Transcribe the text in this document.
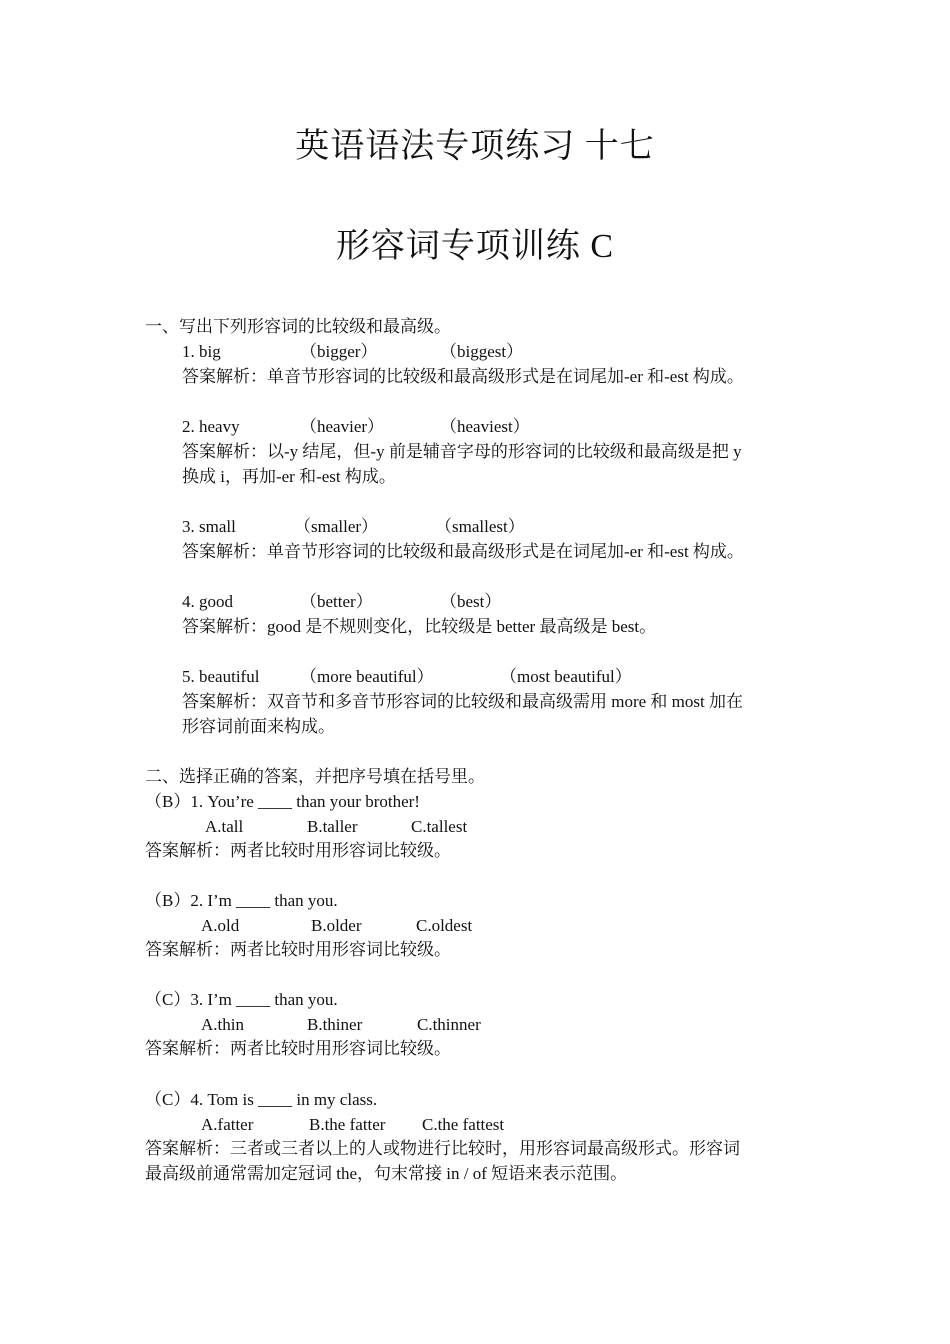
英语语法专项练习 十七
形容词专项训练 C
一、写出下列形容词的比较级和最高级。
1. big	（bigger）	（biggest）
答案解析：单音节形容词的比较级和最高级形式是在词尾加-er 和-est 构成。
2. heavy	（heavier）	（heaviest）
答案解析：以-y 结尾，但-y 前是辅音字母的形容词的比较级和最高级是把 y
换成 i，再加-er 和-est 构成。
3. small	（smaller）	（smallest）
答案解析：单音节形容词的比较级和最高级形式是在词尾加-er 和-est 构成。
4. good	（better）	（best）
答案解析：good 是不规则变化，比较级是 better 最高级是 best。
5. beautiful （more beautiful）	（most beautiful）
答案解析：双音节和多音节形容词的比较级和最高级需用 more 和 most 加在
形容词前面来构成。
二、选择正确的答案，并把序号填在括号里。
（B）1. You’re ____ than your brother!
A.tall	B.taller	C.tallest
答案解析：两者比较时用形容词比较级。
（B）2. I’m ____ than you.
A.old	B.older	C.oldest
答案解析：两者比较时用形容词比较级。
（C）3. I’m ____ than you.
A.thin	B.thiner	C.thinner
答案解析：两者比较时用形容词比较级。
（C）4. Tom is ____ in my class.
A.fatter	B.the fatter C.the fattest
答案解析：三者或三者以上的人或物进行比较时，用形容词最高级形式。形容词
最高级前通常需加定冠词 the，句末常接 in / of 短语来表示范围。
